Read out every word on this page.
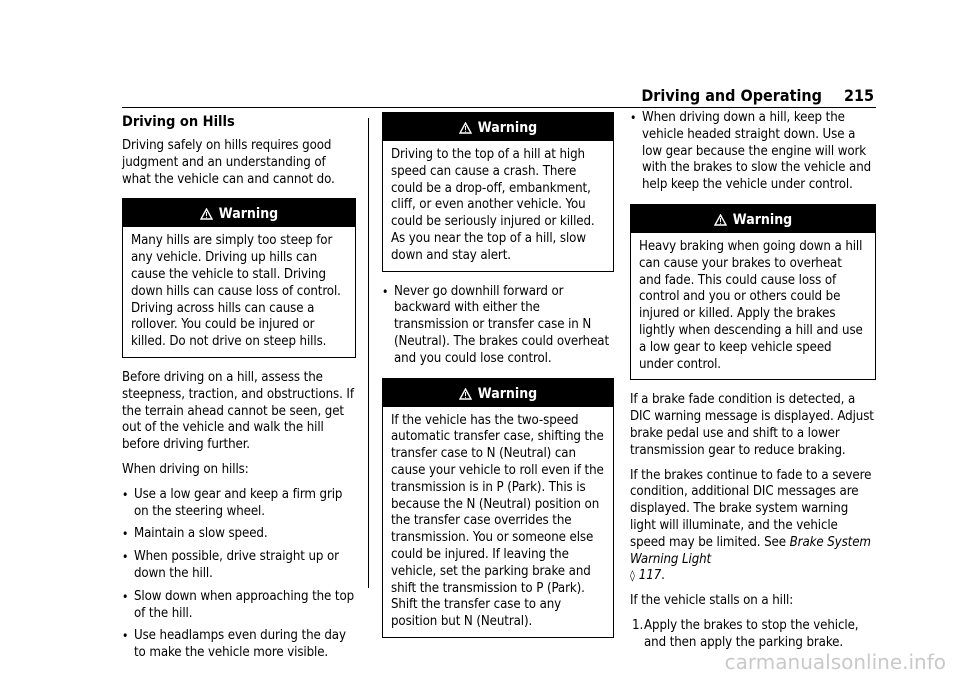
Driving and Operating 215
Driving on Hills

Driving safely on hills requires good judgment and an understanding of what the vehicle can and cannot do.

Warning
Many hills are simply too steep for any vehicle. Driving up hills can cause the vehicle to stall. Driving down hills can cause loss of control. Driving across hills can cause a rollover. You could be injured or killed. Do not drive on steep hills.

Before driving on a hill, assess the steepness, traction, and obstructions. If the terrain ahead cannot be seen, get out of the vehicle and walk the hill before driving further.

When driving on hills:

• Use a low gear and keep a firm grip on the steering wheel.
• Maintain a slow speed.
• When possible, drive straight up or down the hill.
• Slow down when approaching the top of the hill.
• Use headlamps even during the day to make the vehicle more visible.
Warning
Driving to the top of a hill at high speed can cause a crash. There could be a drop-off, embankment, cliff, or even another vehicle. You could be seriously injured or killed. As you near the top of a hill, slow down and stay alert.
• Never go downhill forward or backward with either the transmission or transfer case in N (Neutral). The brakes could overheat and you could lose control.
Warning
If the vehicle has the two-speed automatic transfer case, shifting the transfer case to N (Neutral) can cause your vehicle to roll even if the transmission is in P (Park). This is because the N (Neutral) position on the transfer case overrides the transmission. You or someone else could be injured. If leaving the vehicle, set the parking brake and shift the transmission to P (Park). Shift the transfer case to any position but N (Neutral).
• When driving down a hill, keep the vehicle headed straight down. Use a low gear because the engine will work with the brakes to slow the vehicle and help keep the vehicle under control.
Warning
Heavy braking when going down a hill can cause your brakes to overheat and fade. This could cause loss of control and you or others could be injured or killed. Apply the brakes lightly when descending a hill and use a low gear to keep vehicle speed under control.

If a brake fade condition is detected, a DIC warning message is displayed. Adjust brake pedal use and shift to a lower transmission gear to reduce braking.

If the brakes continue to fade to a severe condition, additional DIC messages are displayed. The brake system warning light will illuminate, and the vehicle speed may be limited. See Brake System Warning Light
◊ 117.

If the vehicle stalls on a hill:

1. Apply the brakes to stop the vehicle, and then apply the parking brake.
carmanualsonline.info
